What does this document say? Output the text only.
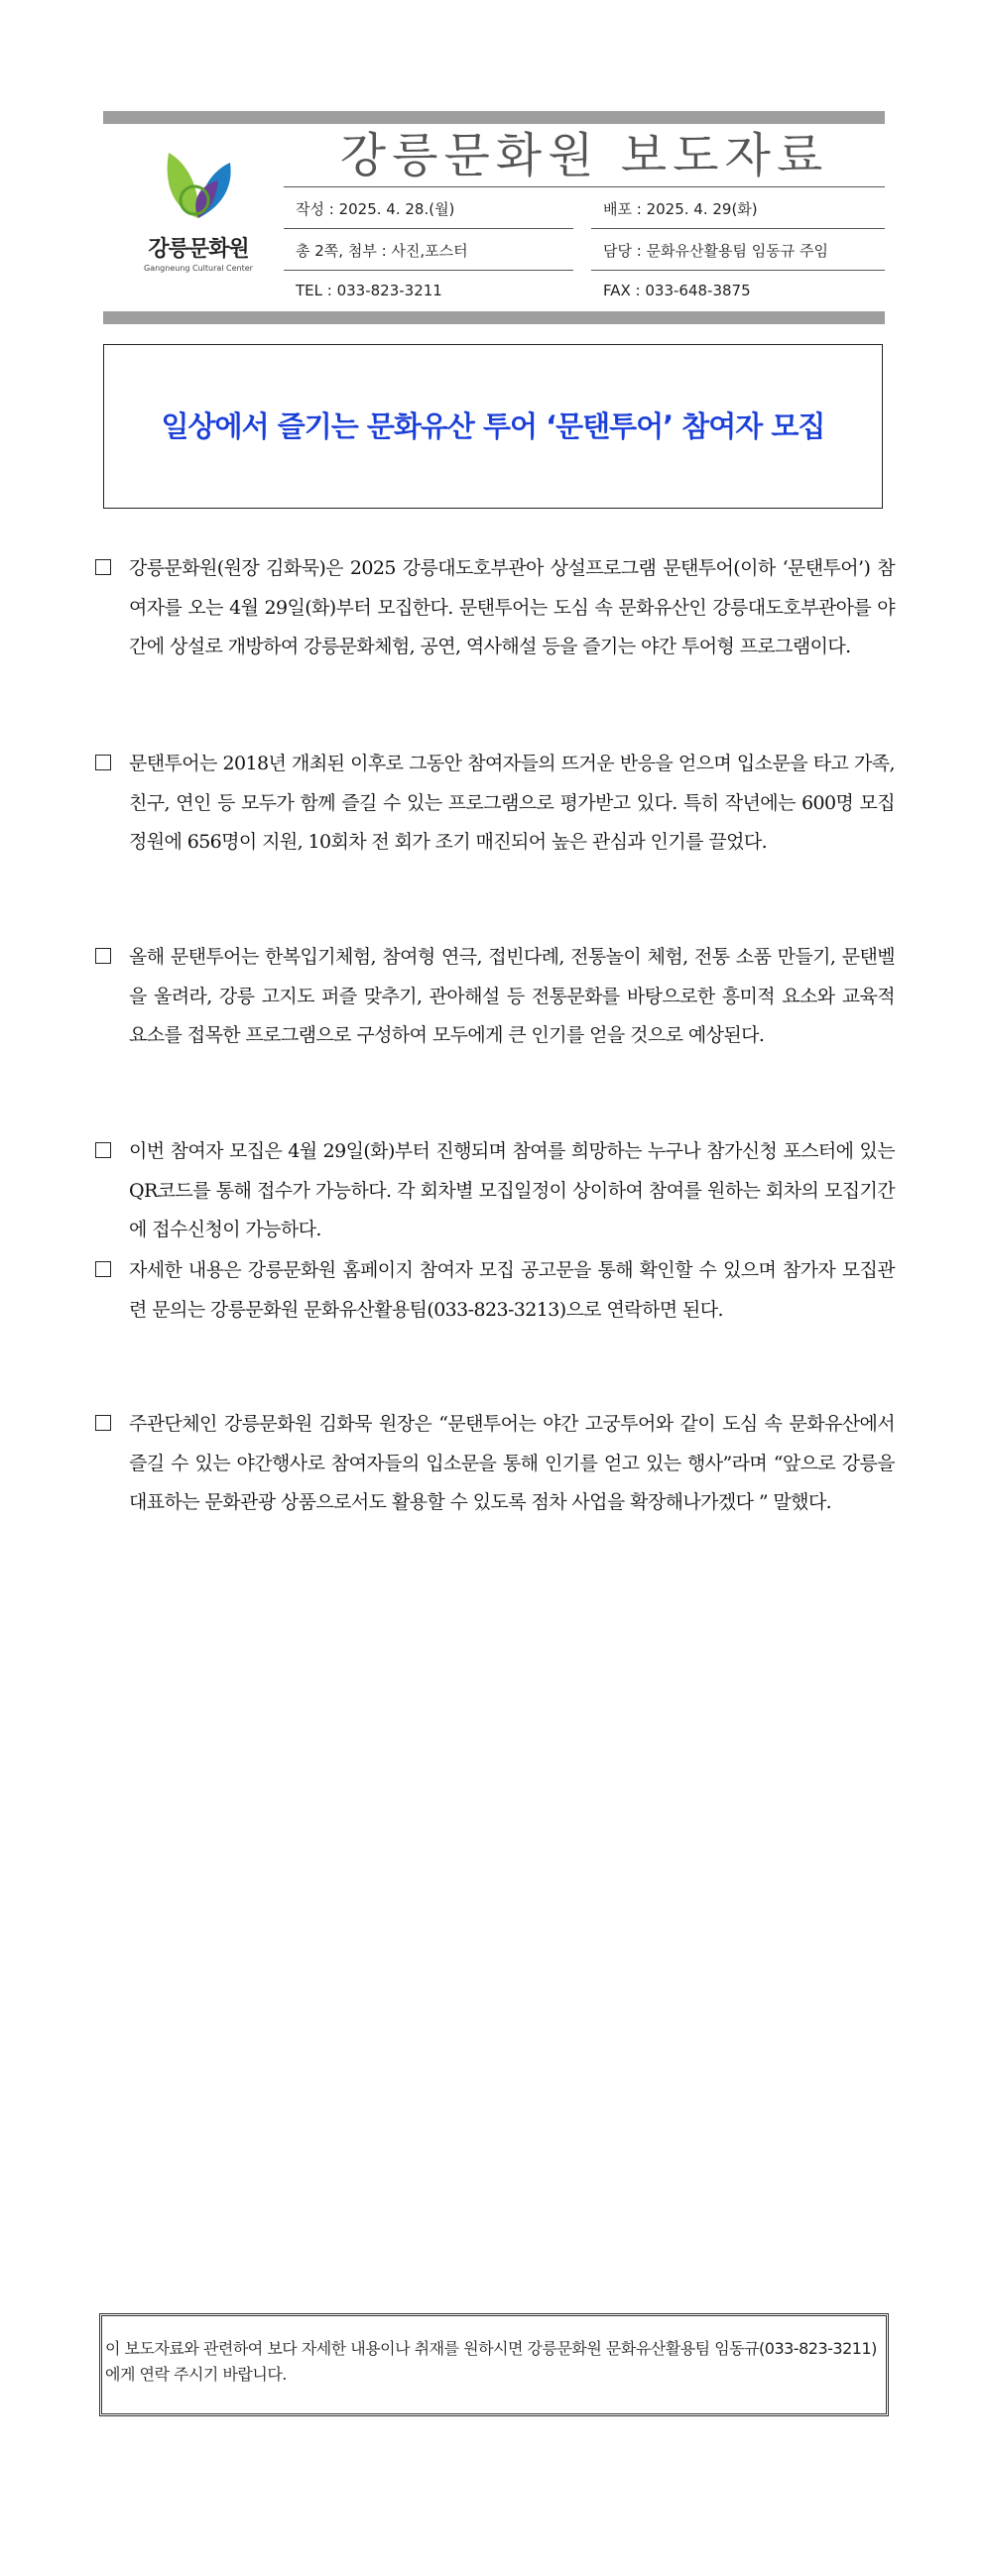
강릉문화원
Gangneung Cultural Center
강릉문화원 보도자료
작성 : 2025. 4. 28.(월)	배포 : 2025. 4. 29(화)
총 2쪽, 첨부 : 사진,포스터	담당 : 문화유산활용팀 임동규 주임
TEL : 033-823-3211	FAX : 033-648-3875
일상에서 즐기는 문화유산 투어 ‘문탠투어’ 참여자 모집
강릉문화원(원장 김화묵)은 2025 강릉대도호부관아 상설프로그램 문탠투어(이하 ‘문탠투어’) 참여자를 오는 4월 29일(화)부터 모집한다. 문탠투어는 도심 속 문화유산인 강릉대도호부관아를 야간에 상설로 개방하여 강릉문화체험, 공연, 역사해설 등을 즐기는 야간 투어형 프로그램이다.
문탠투어는 2018년 개최된 이후로 그동안 참여자들의 뜨거운 반응을 얻으며 입소문을 타고 가족, 친구, 연인 등 모두가 함께 즐길 수 있는 프로그램으로 평가받고 있다. 특히 작년에는 600명 모집 정원에 656명이 지원, 10회차 전 회가 조기 매진되어 높은 관심과 인기를 끌었다.
올해 문탠투어는 한복입기체험, 참여형 연극, 접빈다례, 전통놀이 체험, 전통 소품 만들기, 문탠벨을 울려라, 강릉 고지도 퍼즐 맞추기, 관아해설 등 전통문화를 바탕으로한 흥미적 요소와 교육적 요소를 접목한 프로그램으로 구성하여 모두에게 큰 인기를 얻을 것으로 예상된다.
이번 참여자 모집은 4월 29일(화)부터 진행되며 참여를 희망하는 누구나 참가신청 포스터에 있는 QR코드를 통해 접수가 가능하다. 각 회차별 모집일정이 상이하여 참여를 원하는 회차의 모집기간에 접수신청이 가능하다.
자세한 내용은 강릉문화원 홈페이지 참여자 모집 공고문을 통해 확인할 수 있으며 참가자 모집관련 문의는 강릉문화원 문화유산활용팀(033-823-3213)으로 연락하면 된다.
주관단체인 강릉문화원 김화묵 원장은 “문탠투어는 야간 고궁투어와 같이 도심 속 문화유산에서 즐길 수 있는 야간행사로 참여자들의 입소문을 통해 인기를 얻고 있는 행사”라며 “앞으로 강릉을 대표하는 문화관광 상품으로서도 활용할 수 있도록 점차 사업을 확장해나가겠다 ” 말했다.
이 보도자료와 관련하여 보다 자세한 내용이나 취재를 원하시면 강릉문화원 문화유산활용팀 임동규(033-823-3211)에게 연락 주시기 바랍니다.
